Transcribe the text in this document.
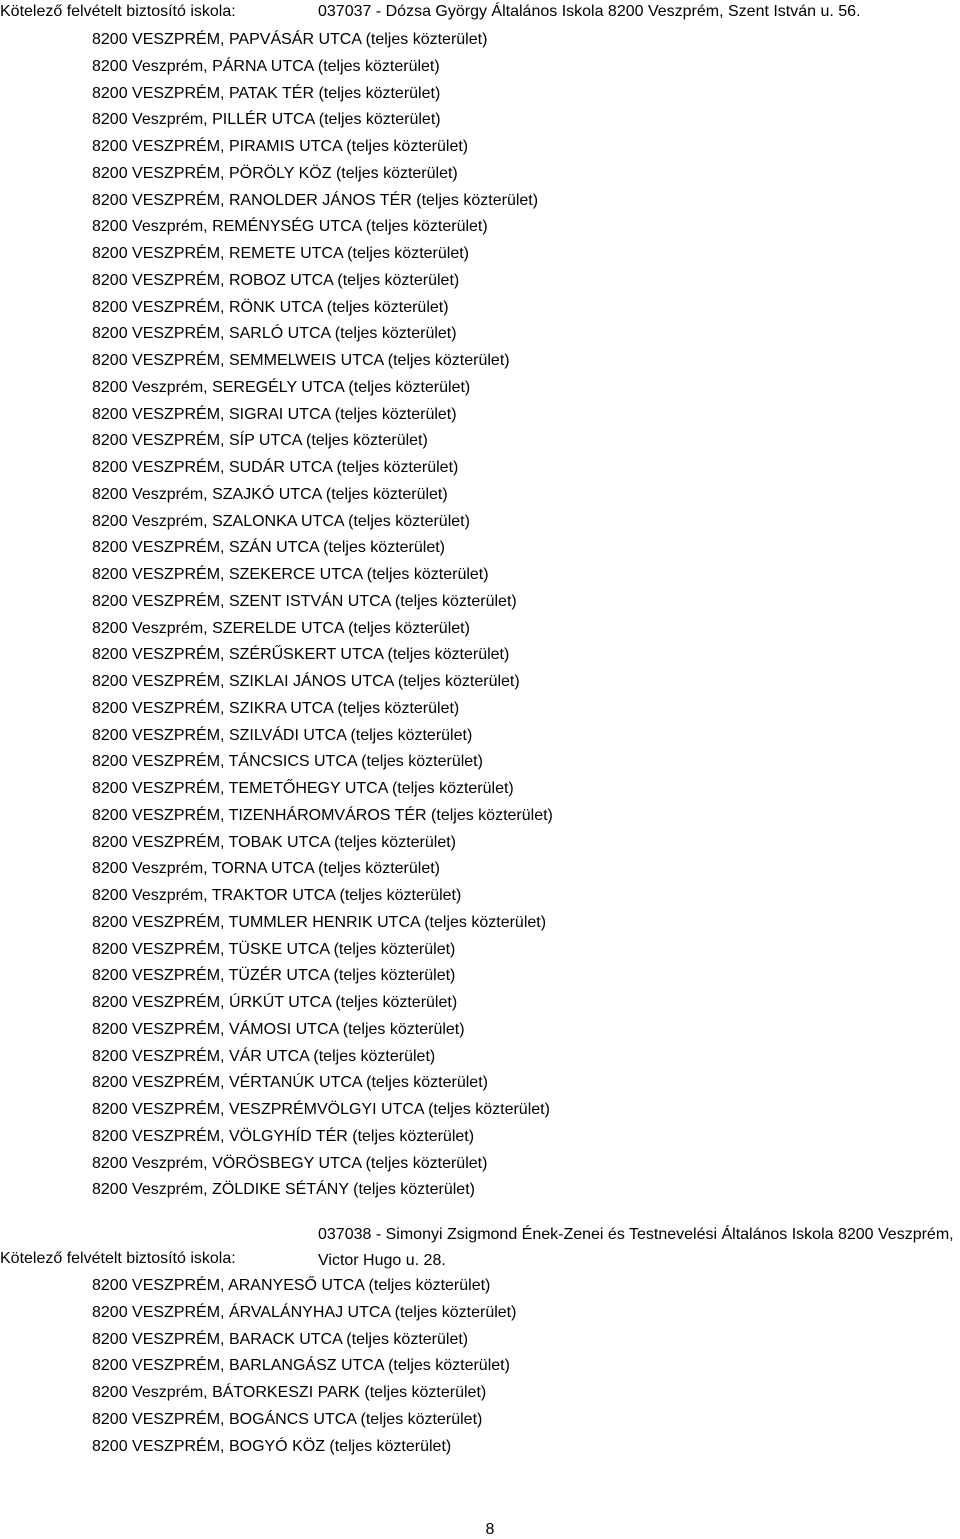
Kötelező felvételt biztosító iskola:	037037 - Dózsa György Általános Iskola 8200 Veszprém, Szent István u. 56.
8200 VESZPRÉM, PAPVÁSÁR UTCA (teljes közterület)
8200 Veszprém, PÁRNA UTCA (teljes közterület)
8200 VESZPRÉM, PATAK TÉR (teljes közterület)
8200 Veszprém, PILLÉR UTCA (teljes közterület)
8200 VESZPRÉM, PIRAMIS UTCA (teljes közterület)
8200 VESZPRÉM, PÖRÖLY KÖZ (teljes közterület)
8200 VESZPRÉM, RANOLDER JÁNOS TÉR (teljes közterület)
8200 Veszprém, REMÉNYSÉG UTCA (teljes közterület)
8200 VESZPRÉM, REMETE UTCA (teljes közterület)
8200 VESZPRÉM, ROBOZ UTCA (teljes közterület)
8200 VESZPRÉM, RÖNK UTCA (teljes közterület)
8200 VESZPRÉM, SARLÓ UTCA (teljes közterület)
8200 VESZPRÉM, SEMMELWEIS UTCA (teljes közterület)
8200 Veszprém, SEREGÉLY UTCA (teljes közterület)
8200 VESZPRÉM, SIGRAI UTCA (teljes közterület)
8200 VESZPRÉM, SÍP UTCA (teljes közterület)
8200 VESZPRÉM, SUDÁR UTCA (teljes közterület)
8200 Veszprém, SZAJKÓ UTCA (teljes közterület)
8200 Veszprém, SZALONKA UTCA (teljes közterület)
8200 VESZPRÉM, SZÁN UTCA (teljes közterület)
8200 VESZPRÉM, SZEKERCE UTCA (teljes közterület)
8200 VESZPRÉM, SZENT ISTVÁN UTCA (teljes közterület)
8200 Veszprém, SZERELDE UTCA (teljes közterület)
8200 VESZPRÉM, SZÉRŰSKERT UTCA (teljes közterület)
8200 VESZPRÉM, SZIKLAI JÁNOS UTCA (teljes közterület)
8200 VESZPRÉM, SZIKRA UTCA (teljes közterület)
8200 VESZPRÉM, SZILVÁDI UTCA (teljes közterület)
8200 VESZPRÉM, TÁNCSICS UTCA (teljes közterület)
8200 VESZPRÉM, TEMETŐHEGY UTCA (teljes közterület)
8200 VESZPRÉM, TIZENHÁROMVÁROS TÉR (teljes közterület)
8200 VESZPRÉM, TOBAK UTCA (teljes közterület)
8200 Veszprém, TORNA UTCA (teljes közterület)
8200 Veszprém, TRAKTOR UTCA (teljes közterület)
8200 VESZPRÉM, TUMMLER HENRIK UTCA (teljes közterület)
8200 VESZPRÉM, TÜSKE UTCA (teljes közterület)
8200 VESZPRÉM, TÜZÉR UTCA (teljes közterület)
8200 VESZPRÉM, ÚRKÚT UTCA (teljes közterület)
8200 VESZPRÉM, VÁMOSI UTCA (teljes közterület)
8200 VESZPRÉM, VÁR UTCA (teljes közterület)
8200 VESZPRÉM, VÉRTANÚK UTCA (teljes közterület)
8200 VESZPRÉM, VESZPRÉMVÖLGYI UTCA (teljes közterület)
8200 VESZPRÉM, VÖLGYHÍD TÉR (teljes közterület)
8200 Veszprém, VÖRÖSBEGY UTCA (teljes közterület)
8200 Veszprém, ZÖLDIKE SÉTÁNY (teljes közterület)
037038 - Simonyi Zsigmond Ének-Zenei és Testnevelési Általános Iskola 8200 Veszprém, Victor Hugo u. 28.
Kötelező felvételt biztosító iskola:
8200 VESZPRÉM, ARANYESŐ UTCA (teljes közterület)
8200 VESZPRÉM, ÁRVALÁNYHAJ UTCA (teljes közterület)
8200 VESZPRÉM, BARACK UTCA (teljes közterület)
8200 VESZPRÉM, BARLANGÁSZ UTCA (teljes közterület)
8200 Veszprém, BÁTORKESZI PARK (teljes közterület)
8200 VESZPRÉM, BOGÁNCS UTCA (teljes közterület)
8200 VESZPRÉM, BOGYÓ KÖZ (teljes közterület)
8
